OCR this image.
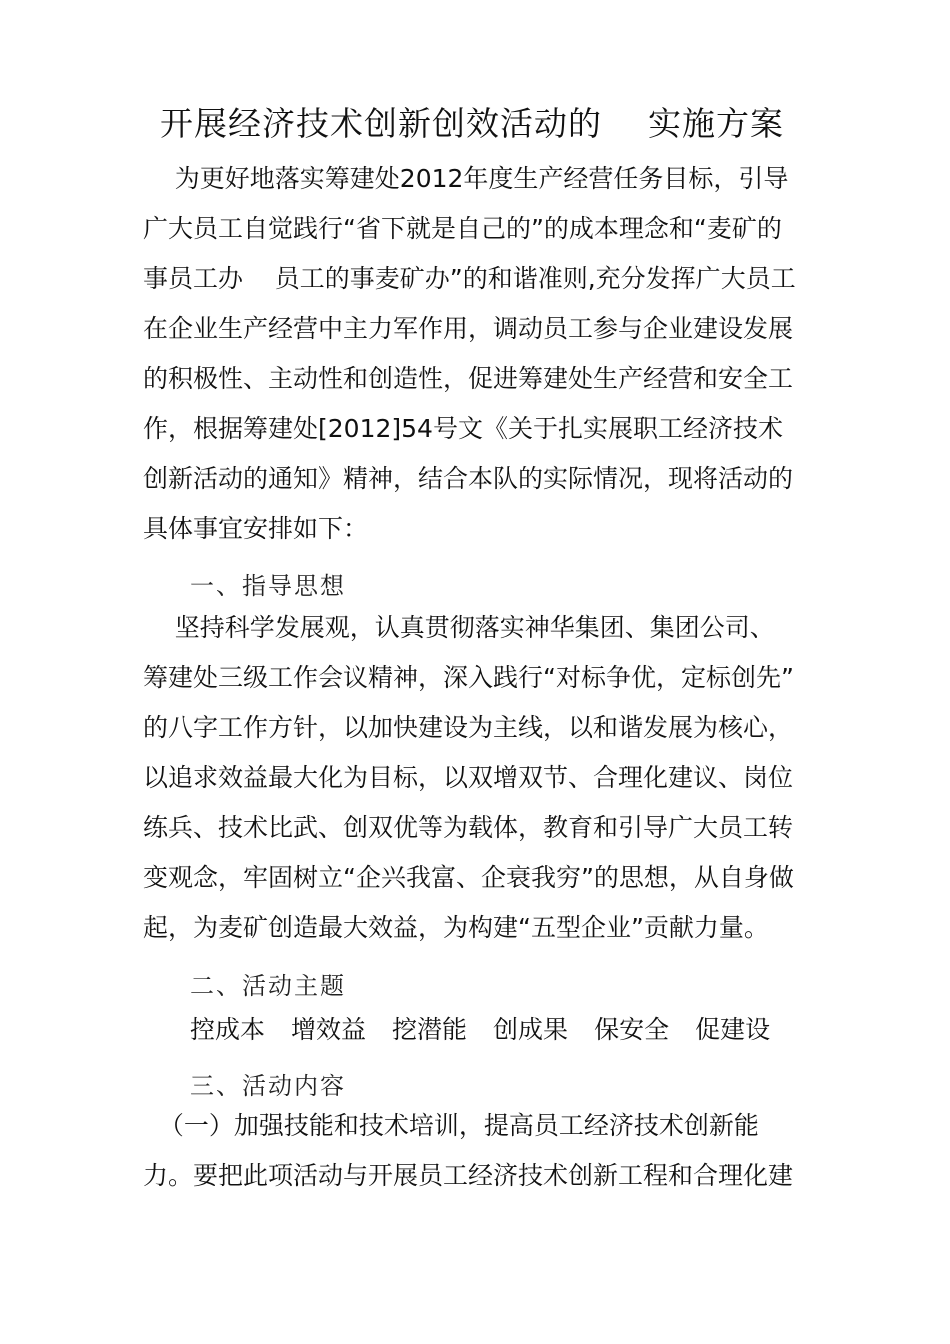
开展经济技术创新创效活动的    实施方案
为更好地落实筹建处2012年度生产经营任务目标，引导
广大员工自觉践行“省下就是自己的”的成本理念和“麦矿的
事员工办    员工的事麦矿办”的和谐准则,充分发挥广大员工
在企业生产经营中主力军作用，调动员工参与企业建设发展
的积极性、主动性和创造性，促进筹建处生产经营和安全工
作，根据筹建处[2012]54号文《关于扎实展职工经济技术
创新活动的通知》精神，结合本队的实际情况，现将活动的
具体事宜安排如下：
一、指导思想
坚持科学发展观，认真贯彻落实神华集团、集团公司、
筹建处三级工作会议精神，深入践行“对标争优，定标创先”
的八字工作方针，以加快建设为主线，以和谐发展为核心，
以追求效益最大化为目标，以双增双节、合理化建议、岗位
练兵、技术比武、创双优等为载体，教育和引导广大员工转
变观念，牢固树立“企兴我富、企衰我穷”的思想，从自身做
起，为麦矿创造最大效益，为构建“五型企业”贡献力量。
二、活动主题
控成本 增效益 挖潜能 创成果 保安全 促建设
三、活动内容
（一）加强技能和技术培训，提高员工经济技术创新能
力。要把此项活动与开展员工经济技术创新工程和合理化建
